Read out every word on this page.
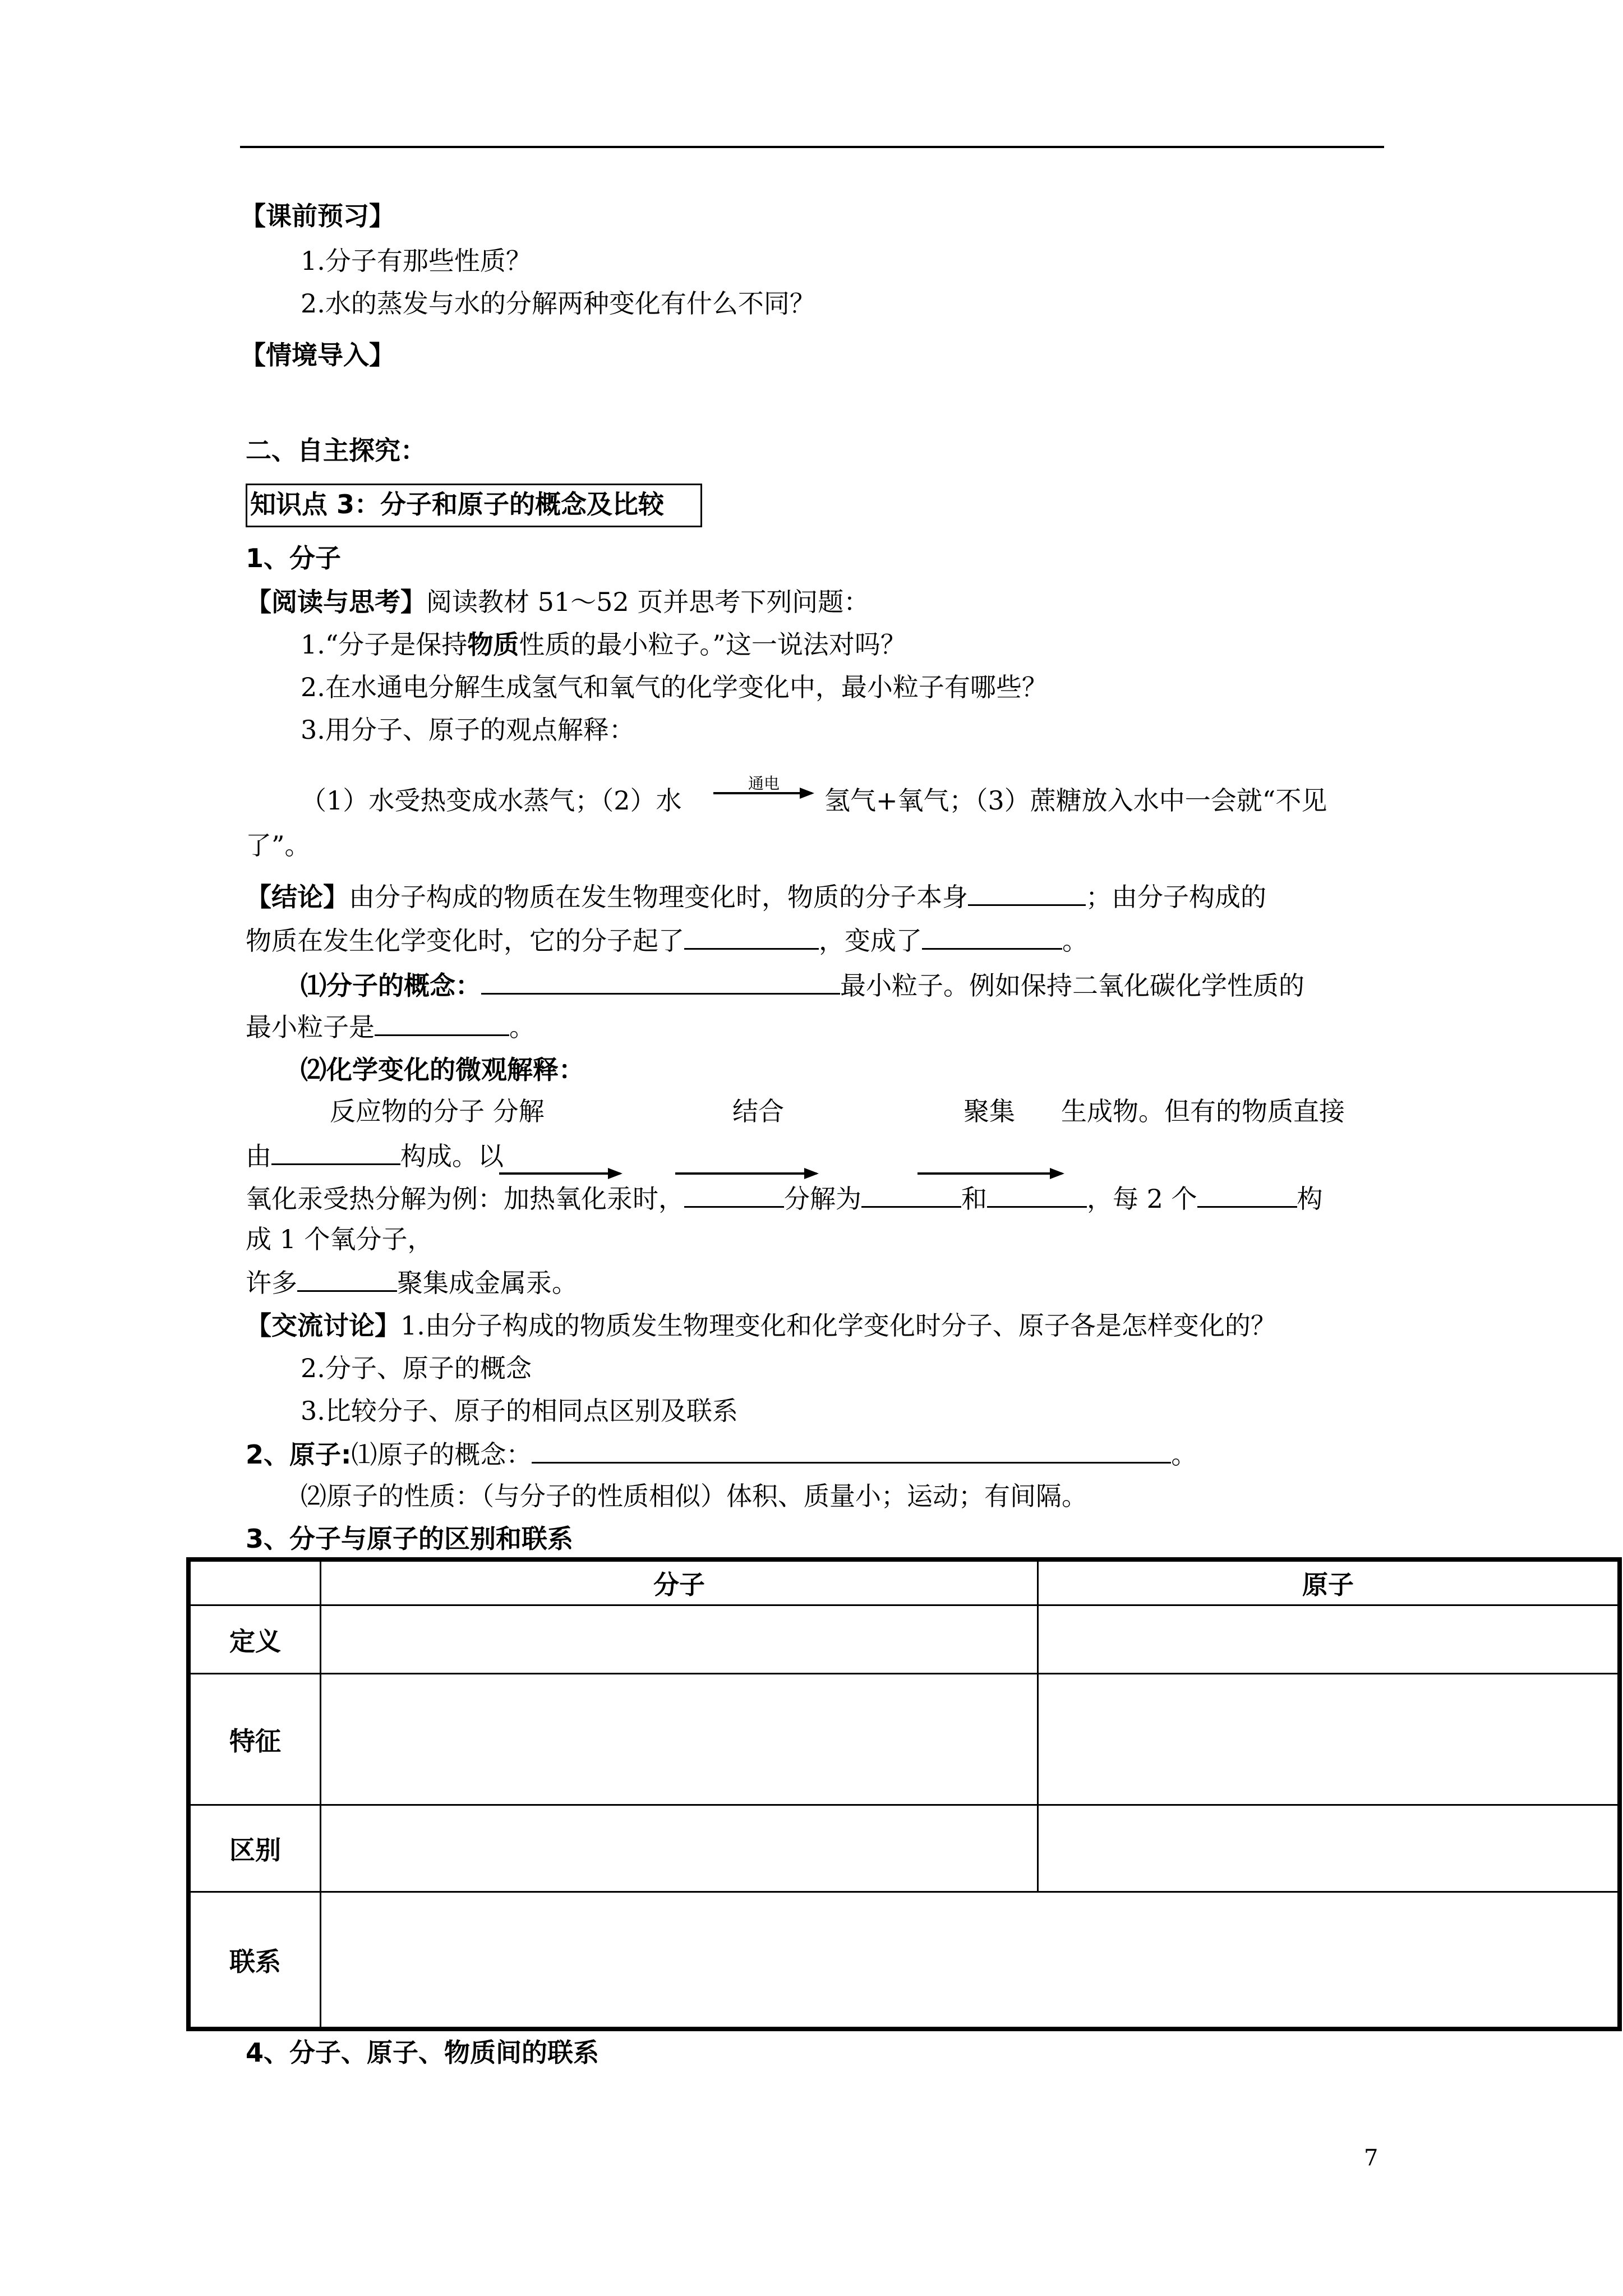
【课前预习】
1.分子有那些性质？
2.水的蒸发与水的分解两种变化有什么不同？
【情境导入】
二、自主探究：
知识点 3：分子和原子的概念及比较
1、分子
【阅读与思考】阅读教材 51～52 页并思考下列问题：
1.“分子是保持物质性质的最小粒子。”这一说法对吗？
2.在水通电分解生成氢气和氧气的化学变化中，最小粒子有哪些？
3.用分子、原子的观点解释：
（1）水受热变成水蒸气；（2）水
通电
氢气+氧气；（3）蔗糖放入水中一会就“不见
了”。
【结论】由分子构成的物质在发生物理变化时，物质的分子本身	；由分子构成的
物质在发生化学变化时，它的分子起了	，变成了	。
⑴分子的概念：	最小粒子。例如保持二氧化碳化学性质的
最小粒子是	。
⑵化学变化的微观解释：
反应物的分子 分解	结合	聚集 生成物。但有的物质直接
由	构成。以
氧化汞受热分解为例：加热氧化汞时，	分解为	和	，每 2 个	构
成 1 个氧分子，
许多	聚集成金属汞。
【交流讨论】1.由分子构成的物质发生物理变化和化学变化时分子、原子各是怎样变化的？
2.分子、原子的概念
3.比较分子、原子的相同点区别及联系
2、原子:⑴原子的概念：	。
⑵原子的性质：（与分子的性质相似）体积、质量小；运动；有间隔。
3、分子与原子的区别和联系
	分子	原子
定义		
特征		
区别		
联系		
4、分子、原子、物质间的联系
7
